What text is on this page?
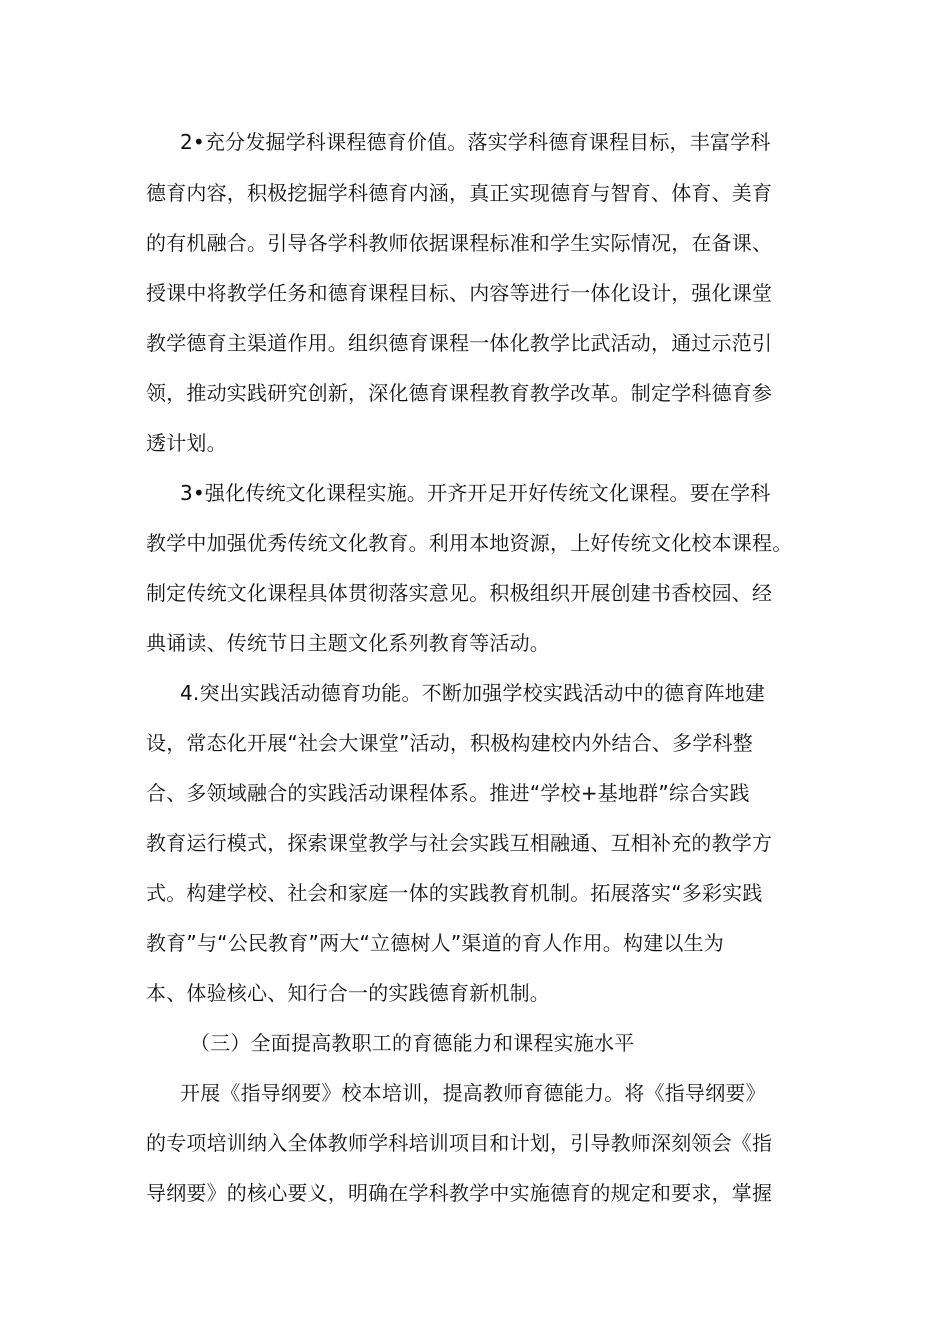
2•充分发掘学科课程德育价值。落实学科德育课程目标，丰富学科
德育内容，积极挖掘学科德育内涵，真正实现德育与智育、体育、美育
的有机融合。引导各学科教师依据课程标准和学生实际情况，在备课、
授课中将教学任务和德育课程目标、内容等进行一体化设计，强化课堂
教学德育主渠道作用。组织德育课程一体化教学比武活动，通过示范引
领，推动实践研究创新，深化德育课程教育教学改革。制定学科德育参
透计划。
3•强化传统文化课程实施。开齐开足开好传统文化课程。要在学科
教学中加强优秀传统文化教育。利用本地资源，上好传统文化校本课程。
制定传统文化课程具体贯彻落实意见。积极组织开展创建书香校园、经
典诵读、传统节日主题文化系列教育等活动。
4.突出实践活动德育功能。不断加强学校实践活动中的德育阵地建
设，常态化开展“社会大课堂”活动，积极构建校内外结合、多学科整
合、多领域融合的实践活动课程体系。推进“学校+基地群”综合实践
教育运行模式，探索课堂教学与社会实践互相融通、互相补充的教学方
式。构建学校、社会和家庭一体的实践教育机制。拓展落实“多彩实践
教育”与“公民教育”两大“立德树人”渠道的育人作用。构建以生为
本、体验核心、知行合一的实践德育新机制。
（三）全面提高教职工的育德能力和课程实施水平
开展《指导纲要》校本培训，提高教师育德能力。将《指导纲要》
的专项培训纳入全体教师学科培训项目和计划，引导教师深刻领会《指
导纲要》的核心要义，明确在学科教学中实施德育的规定和要求，掌握
